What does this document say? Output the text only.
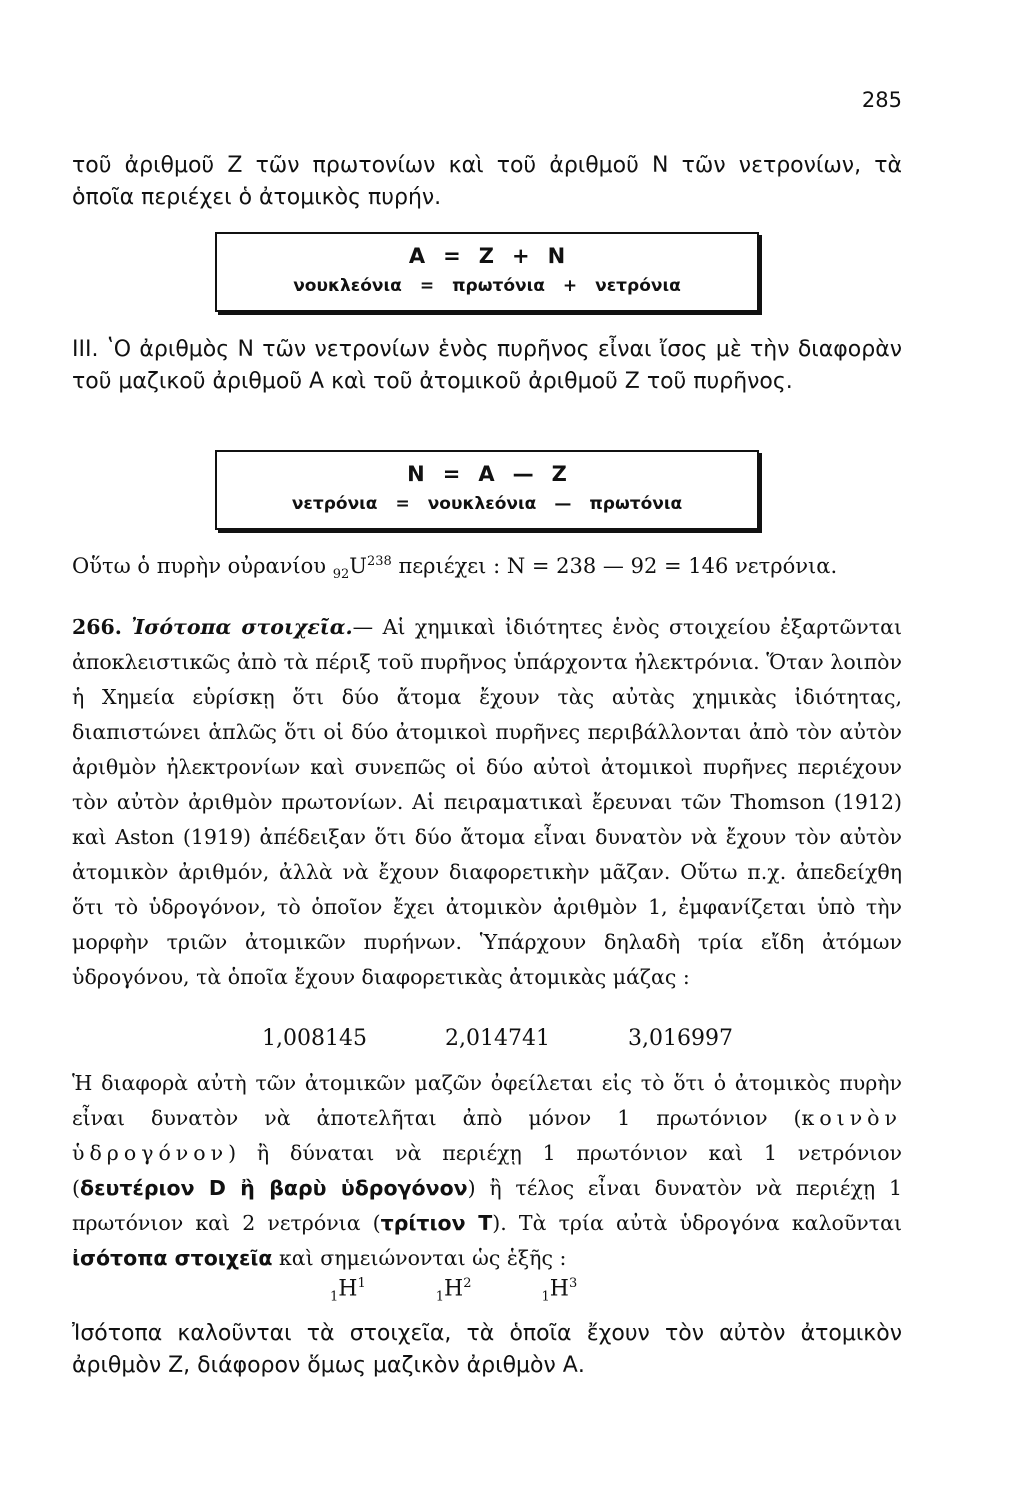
285
τοῦ ἀριθμοῦ Ζ τῶν πρωτονίων καὶ τοῦ ἀριθμοῦ Ν τῶν νετρονίων, τὰ ὁποῖα περιέχει ὁ ἀτομικὸς πυρήν.
Α = Ζ + Ν
νουκλεόνια = πρωτόνια + νετρόνια
III. ʽΟ ἀριθμὸς Ν τῶν νετρονίων ἑνὸς πυρῆνος εἶναι ἴσος μὲ τὴν διαφορὰν τοῦ μαζικοῦ ἀριθμοῦ Α καὶ τοῦ ἀτομικοῦ ἀριθμοῦ Ζ τοῦ πυρῆνος.
Ν = Α — Ζ
νετρόνια = νουκλεόνια — πρωτόνια
Οὕτω ὁ πυρὴν οὐρανίου $_{92}U^{238}$ περιέχει : N = 238 — 92 = 146 νετρόνια.
266. Ἰσότοπα στοιχεῖα.— Αἱ χημικαὶ ἰδιότητες ἑνὸς στοιχείου ἐξαρτῶνται ἀποκλειστικῶς ἀπὸ τὰ πέριξ τοῦ πυρῆνος ὑπάρχοντα ἠλεκτρόνια. Ὅταν λοιπὸν ἡ Χημεία εὑρίσκῃ ὅτι δύο ἄτομα ἔχουν τὰς αὐτὰς χημικὰς ἰδιότητας, διαπιστώνει ἁπλῶς ὅτι οἱ δύο ἀτομικοὶ πυρῆνες περιβάλλονται ἀπὸ τὸν αὐτὸν ἀριθμὸν ἠλεκτρονίων καὶ συνεπῶς οἱ δύο αὐτοὶ ἀτομικοὶ πυρῆνες περιέχουν τὸν αὐτὸν ἀριθμὸν πρωτονίων. Αἱ πειραματικαὶ ἔρευναι τῶν Thomson (1912) καὶ Aston (1919) ἀπέδειξαν ὅτι δύο ἄτομα εἶναι δυνατὸν νὰ ἔχουν τὸν αὐτὸν ἀτομικὸν ἀριθμόν, ἀλλὰ νὰ ἔχουν διαφορετικὴν μᾶζαν. Οὕτω π.χ. ἀπεδείχθη ὅτι τὸ ὑδρογόνον, τὸ ὁποῖον ἔχει ἀτομικὸν ἀριθμὸν 1, ἐμφανίζεται ὑπὸ τὴν μορφὴν τριῶν ἀτομικῶν πυρήνων. Ὑπάρχουν δηλαδὴ τρία εἴδη ἀτόμων ὑδρογόνου, τὰ ὁποῖα ἔχουν διαφορετικὰς ἀτομικὰς μάζας :
1,008145	2,014741	3,016997
Ἡ διαφορὰ αὐτὴ τῶν ἀτομικῶν μαζῶν ὀφείλεται εἰς τὸ ὅτι ὁ ἀτομικὸς πυρὴν εἶναι δυνατὸν νὰ ἀποτελῆται ἀπὸ μόνον 1 πρωτόνιον (κοινὸν ὑδρογόνον) ἢ δύναται νὰ περιέχῃ 1 πρωτόνιον καὶ 1 νετρόνιον (δευτέριον D ἢ βαρὺ ὑδρογόνον) ἢ τέλος εἶναι δυνατὸν νὰ περιέχῃ 1 πρωτόνιον καὶ 2 νετρόνια (τρίτιον Τ). Τὰ τρία αὐτὰ ὑδρογόνα καλοῦνται ἰσότοπα στοιχεῖα καὶ σημειώνονται ὡς ἑξῆς :
$_1H^1$
$_1H^2$
$_1H^3$
Ἰσότοπα καλοῦνται τὰ στοιχεῖα, τὰ ὁποῖα ἔχουν τὸν αὐτὸν ἀτομικὸν ἀριθμὸν Ζ, διάφορον ὅμως μαζικὸν ἀριθμὸν Α.
